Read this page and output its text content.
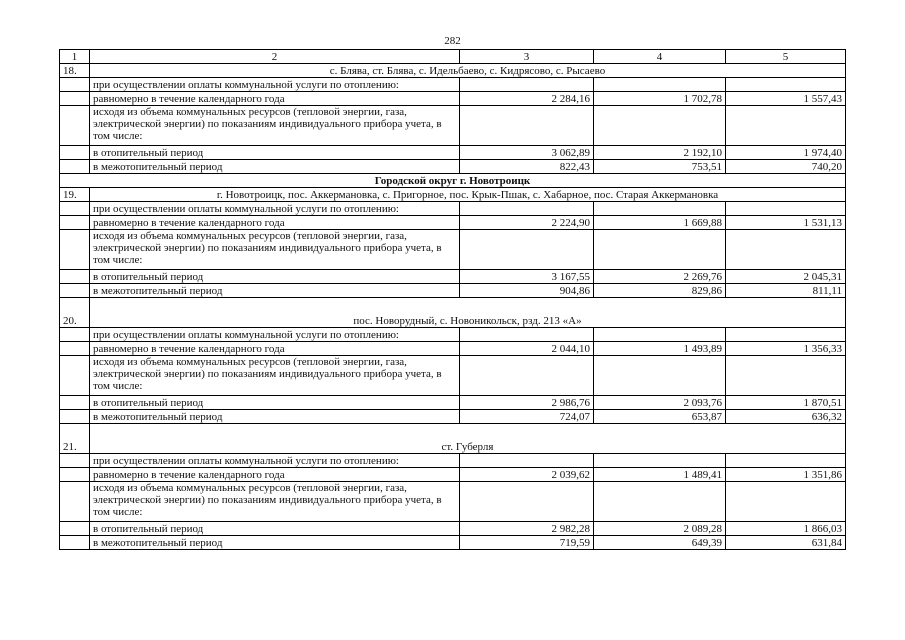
282
1	2	3	4	5
18.	с. Блява, ст. Блява, с. Идельбаево, с. Кидрясово, с. Рысаево			
	при осуществлении оплаты коммунальной услуги по отоплению:			
	равномерно в течение календарного года	2 284,16	1 702,78	1 557,43
	исходя из объема коммунальных ресурсов (тепловой энергии, газа, электрической энергии) по показаниям индивидуального прибора учета, в том числе:			
	в отопительный период	3 062,89	2 192,10	1 974,40
	в межотопительный период	822,43	753,51	740,20
Городской округ г. Новотроицк				
19.	г. Новотроицк, пос. Аккермановка, с. Пригорное, пос. Крык-Пшак, с. Хабарное, пос. Старая Аккермановка			
	при осуществлении оплаты коммунальной услуги по отоплению:			
	равномерно в течение календарного года	2 224,90	1 669,88	1 531,13
	исходя из объема коммунальных ресурсов (тепловой энергии, газа, электрической энергии) по показаниям индивидуального прибора учета, в том числе:			
	в отопительный период	3 167,55	2 269,76	2 045,31
	в межотопительный период	904,86	829,86	811,11
20.	пос. Новорудный, с. Новоникольск, рзд. 213 «А»			
	при осуществлении оплаты коммунальной услуги по отоплению:			
	равномерно в течение календарного года	2 044,10	1 493,89	1 356,33
	исходя из объема коммунальных ресурсов (тепловой энергии, газа, электрической энергии) по показаниям индивидуального прибора учета, в том числе:			
	в отопительный период	2 986,76	2 093,76	1 870,51
	в межотопительный период	724,07	653,87	636,32
21.	ст. Губерля			
	при осуществлении оплаты коммунальной услуги по отоплению:			
	равномерно в течение календарного года	2 039,62	1 489,41	1 351,86
	исходя из объема коммунальных ресурсов (тепловой энергии, газа, электрической энергии) по показаниям индивидуального прибора учета, в том числе:			
	в отопительный период	2 982,28	2 089,28	1 866,03
	в межотопительный период	719,59	649,39	631,84
